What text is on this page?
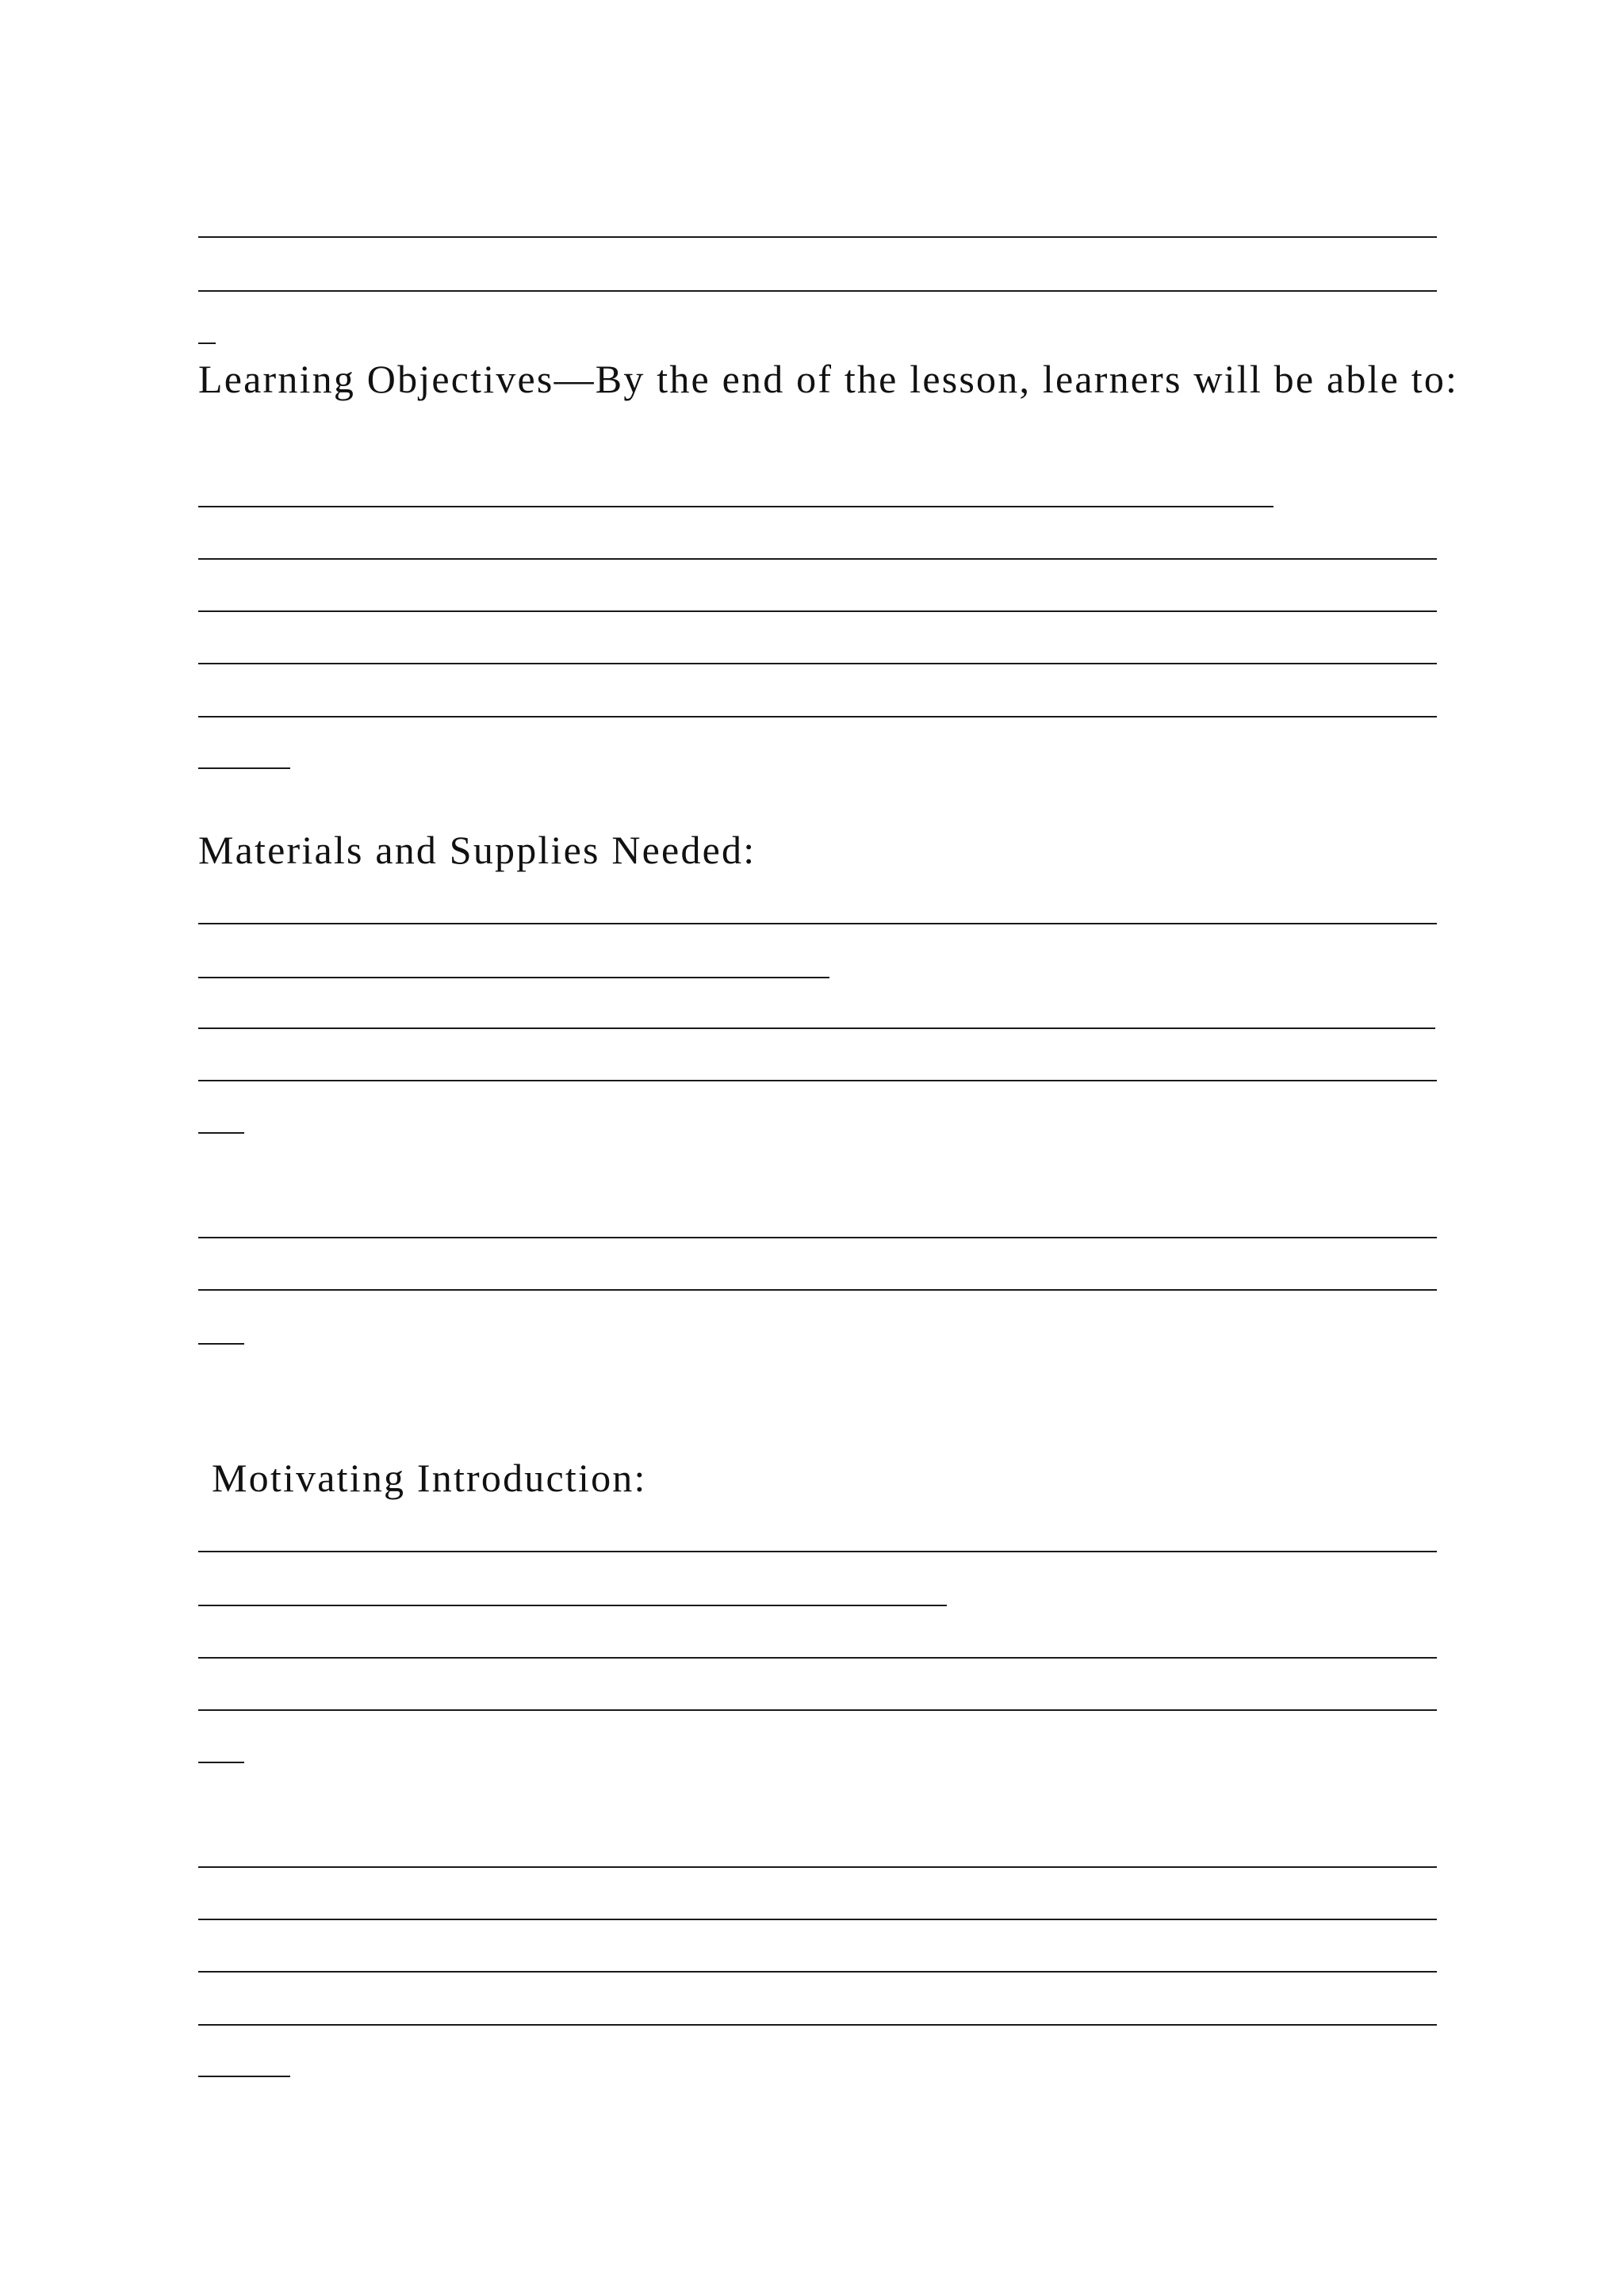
Learning Objectives—By the end of the lesson, learners will be able to:
Materials and Supplies Needed:
Motivating Introduction:
